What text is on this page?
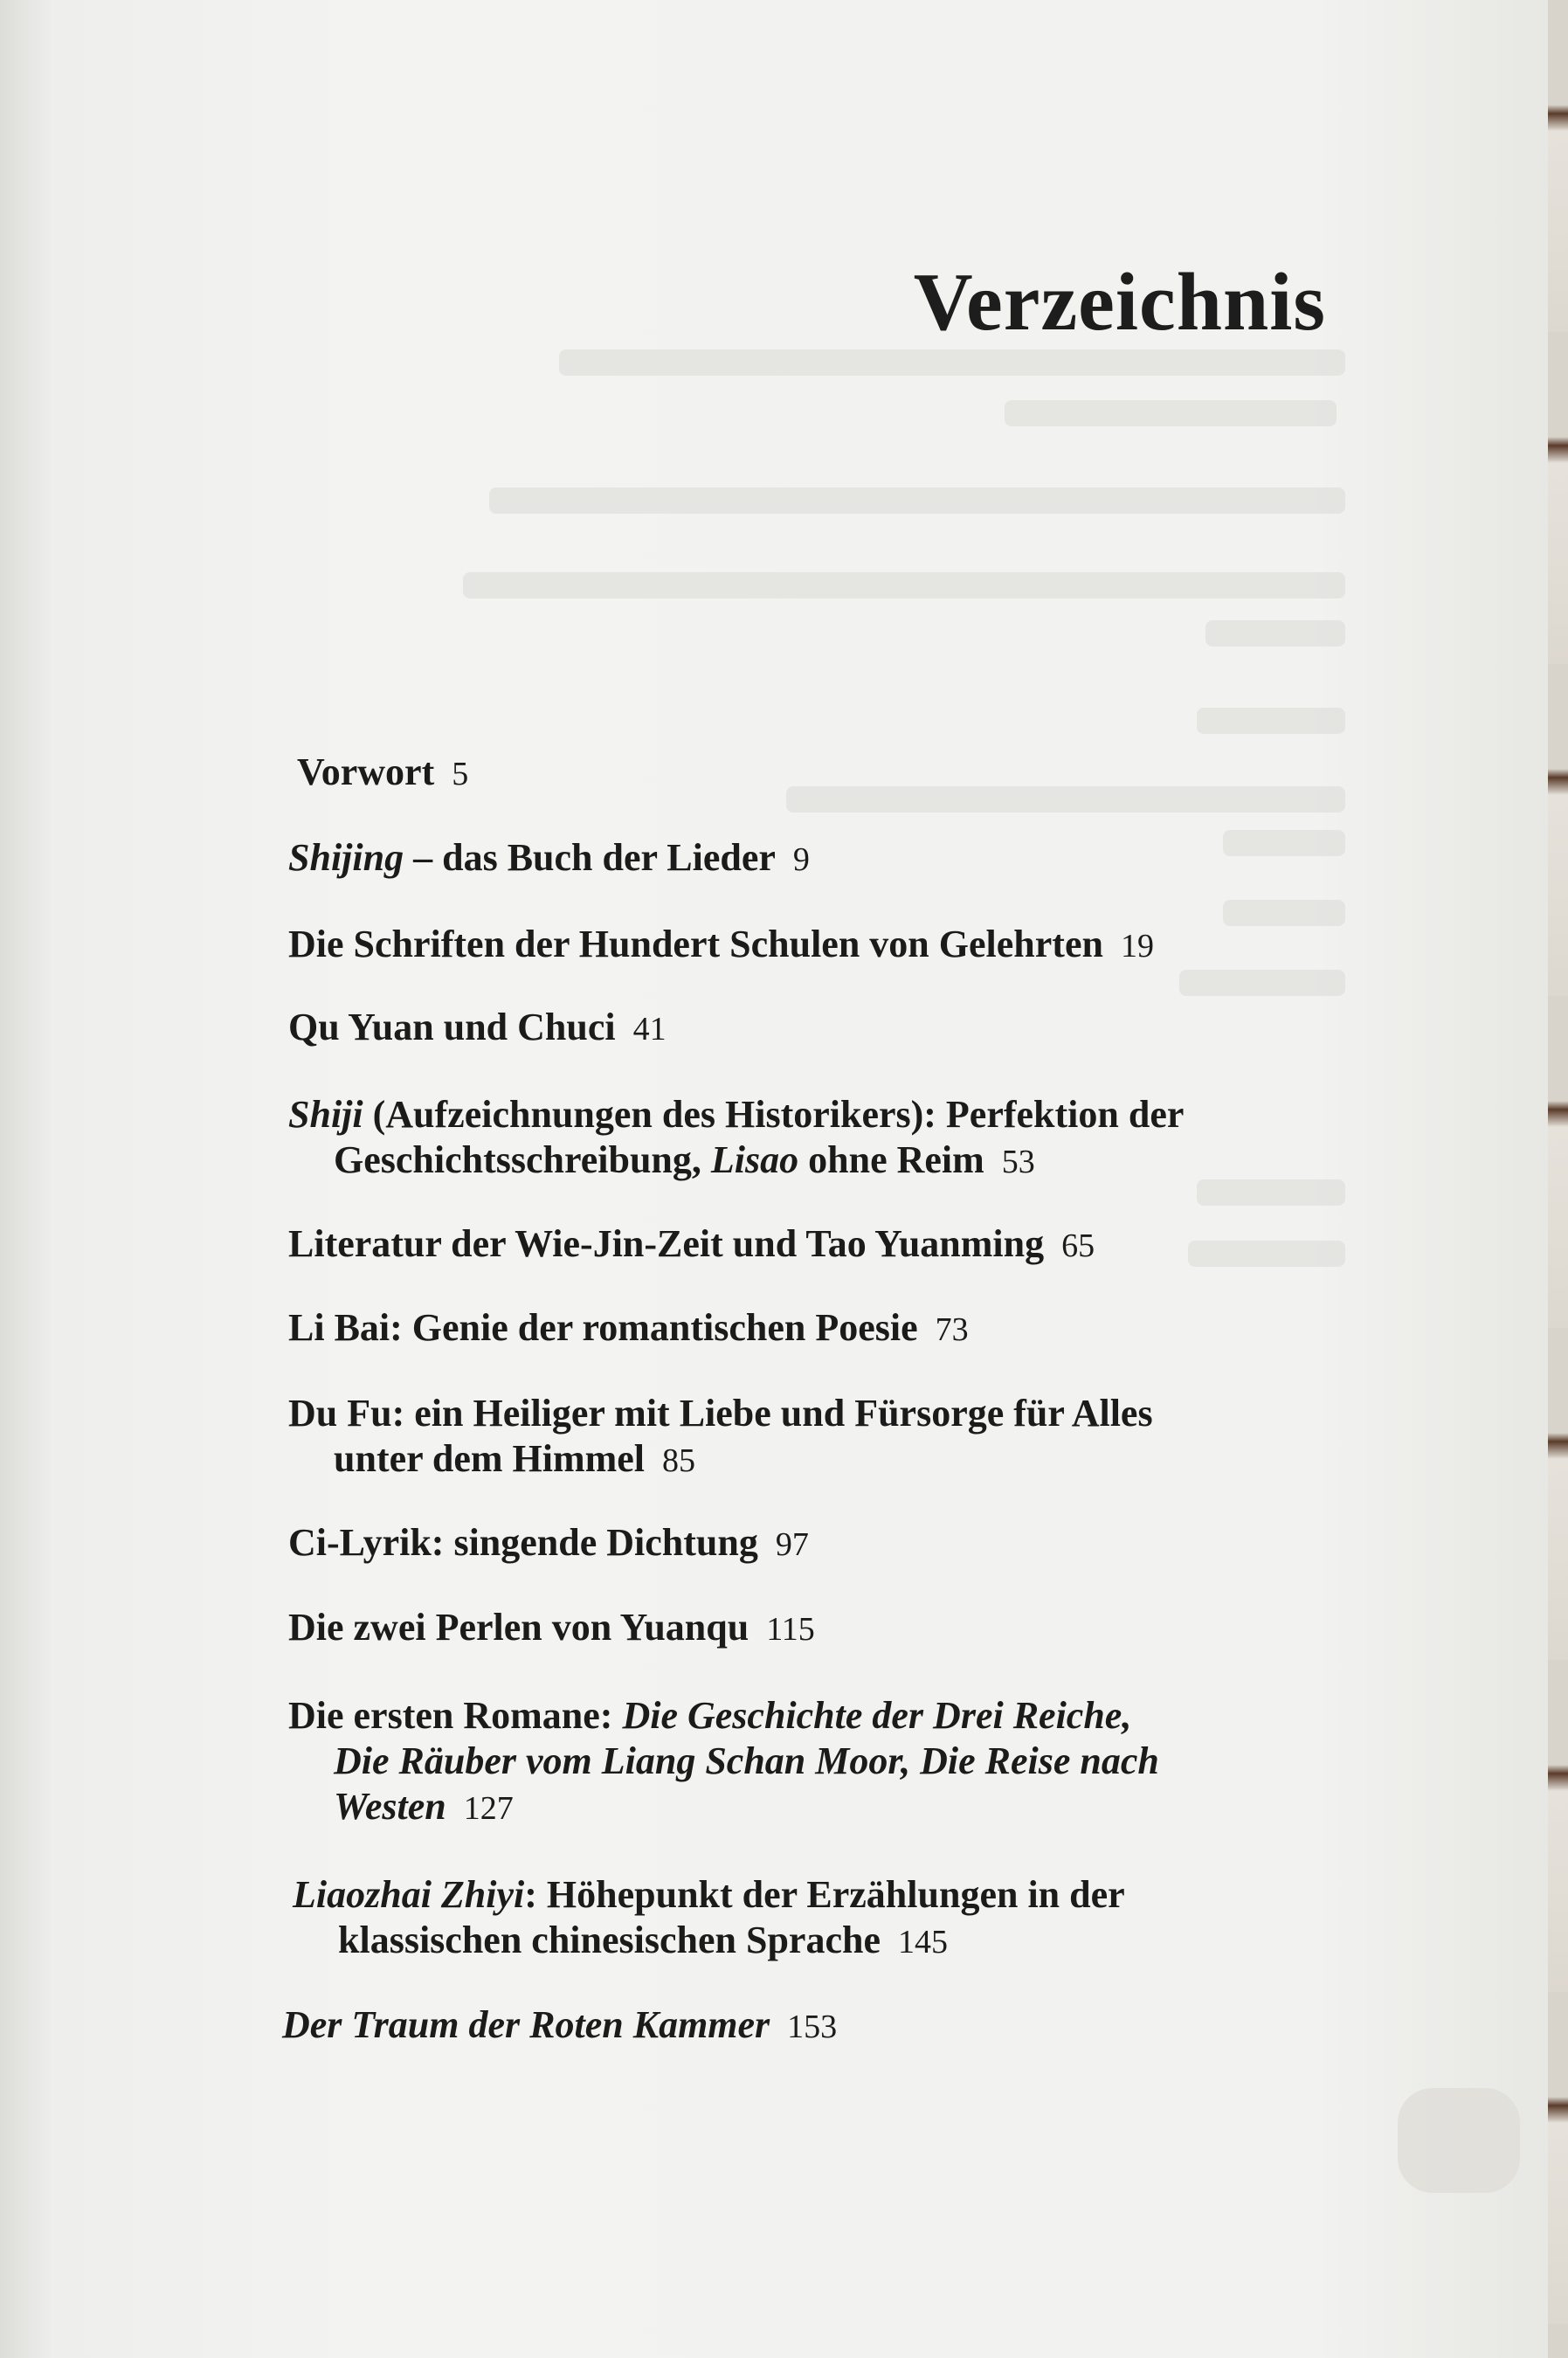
Verzeichnis

Vorwort 5

Shijing – das Buch der Lieder 9

Die Schriften der Hundert Schulen von Gelehrten 19

Qu Yuan und Chuci 41

Shiji (Aufzeichnungen des Historikers): Perfektion der
Geschichtsschreibung, Lisao ohne Reim 53

Literatur der Wie-Jin-Zeit und Tao Yuanming 65

Li Bai: Genie der romantischen Poesie 73

Du Fu: ein Heiliger mit Liebe und Fürsorge für Alles
unter dem Himmel 85

Ci-Lyrik: singende Dichtung 97

Die zwei Perlen von Yuanqu 115

Die ersten Romane: Die Geschichte der Drei Reiche,
Die Räuber vom Liang Schan Moor, Die Reise nach
Westen 127

Liaozhai Zhiyi: Höhepunkt der Erzählungen in der
klassischen chinesischen Sprache 145

Der Traum der Roten Kammer 153
